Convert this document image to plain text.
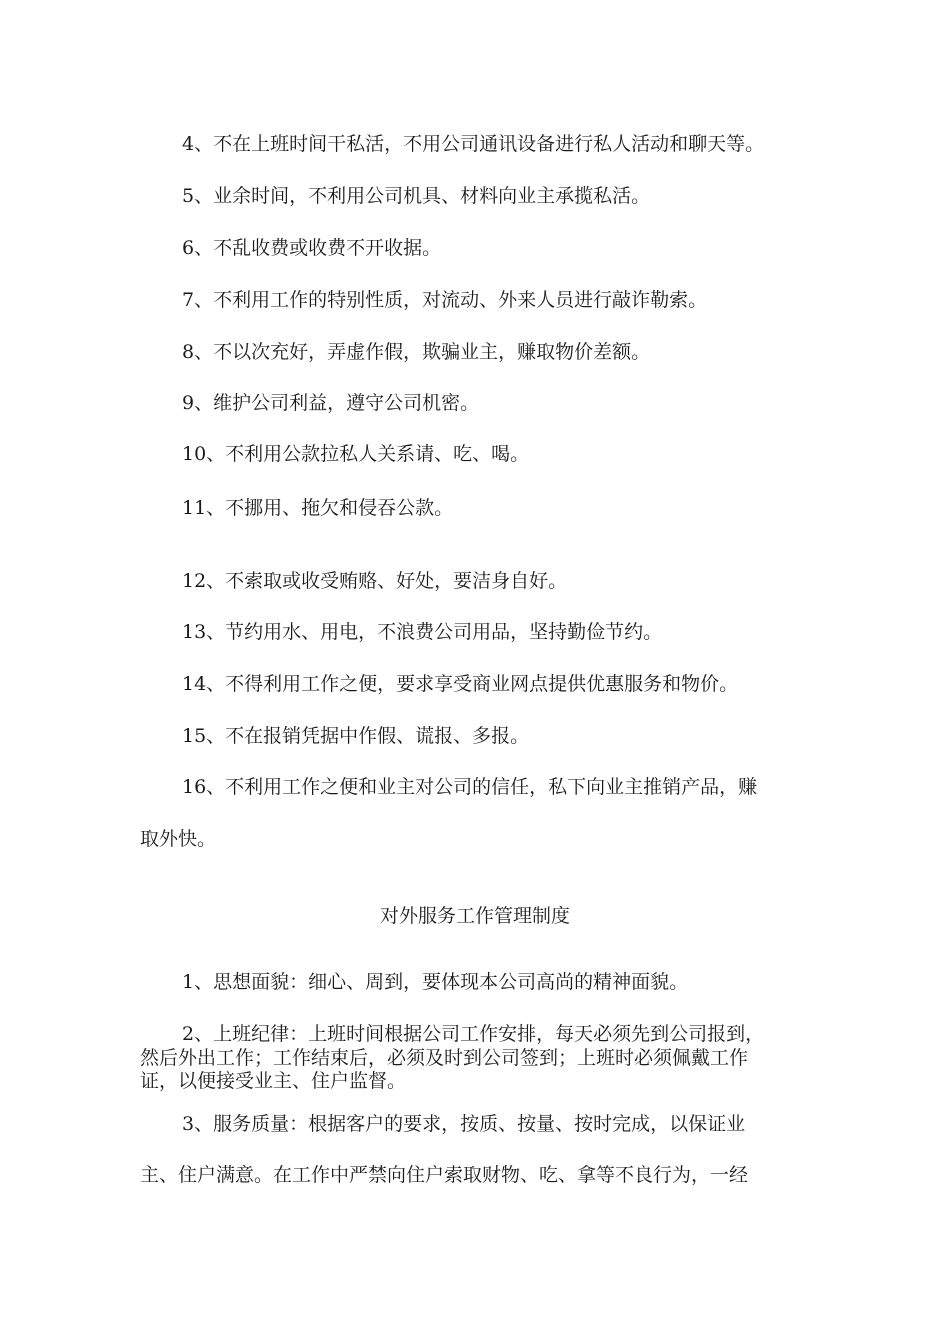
4、不在上班时间干私活，不用公司通讯设备进行私人活动和聊天等。

5、业余时间，不利用公司机具、材料向业主承揽私活。

6、不乱收费或收费不开收据。

7、不利用工作的特别性质，对流动、外来人员进行敲诈勒索。

8、不以次充好，弄虚作假，欺骗业主，赚取物价差额。

9、维护公司利益，遵守公司机密。

10、不利用公款拉私人关系请、吃、喝。

11、不挪用、拖欠和侵吞公款。

12、不索取或收受贿赂、好处，要洁身自好。

13、节约用水、用电，不浪费公司用品，坚持勤俭节约。

14、不得利用工作之便，要求享受商业网点提供优惠服务和物价。

15、不在报销凭据中作假、谎报、多报。

16、不利用工作之便和业主对公司的信任，私下向业主推销产品，赚

取外快。

对外服务工作管理制度

1、思想面貌：细心、周到，要体现本公司高尚的精神面貌。

2、上班纪律：上班时间根据公司工作安排，每天必须先到公司报到，

然后外出工作；工作结束后，必须及时到公司签到；上班时必须佩戴工作

证，以便接受业主、住户监督。

3、服务质量：根据客户的要求，按质、按量、按时完成，以保证业

主、住户满意。在工作中严禁向住户索取财物、吃、拿等不良行为，一经
